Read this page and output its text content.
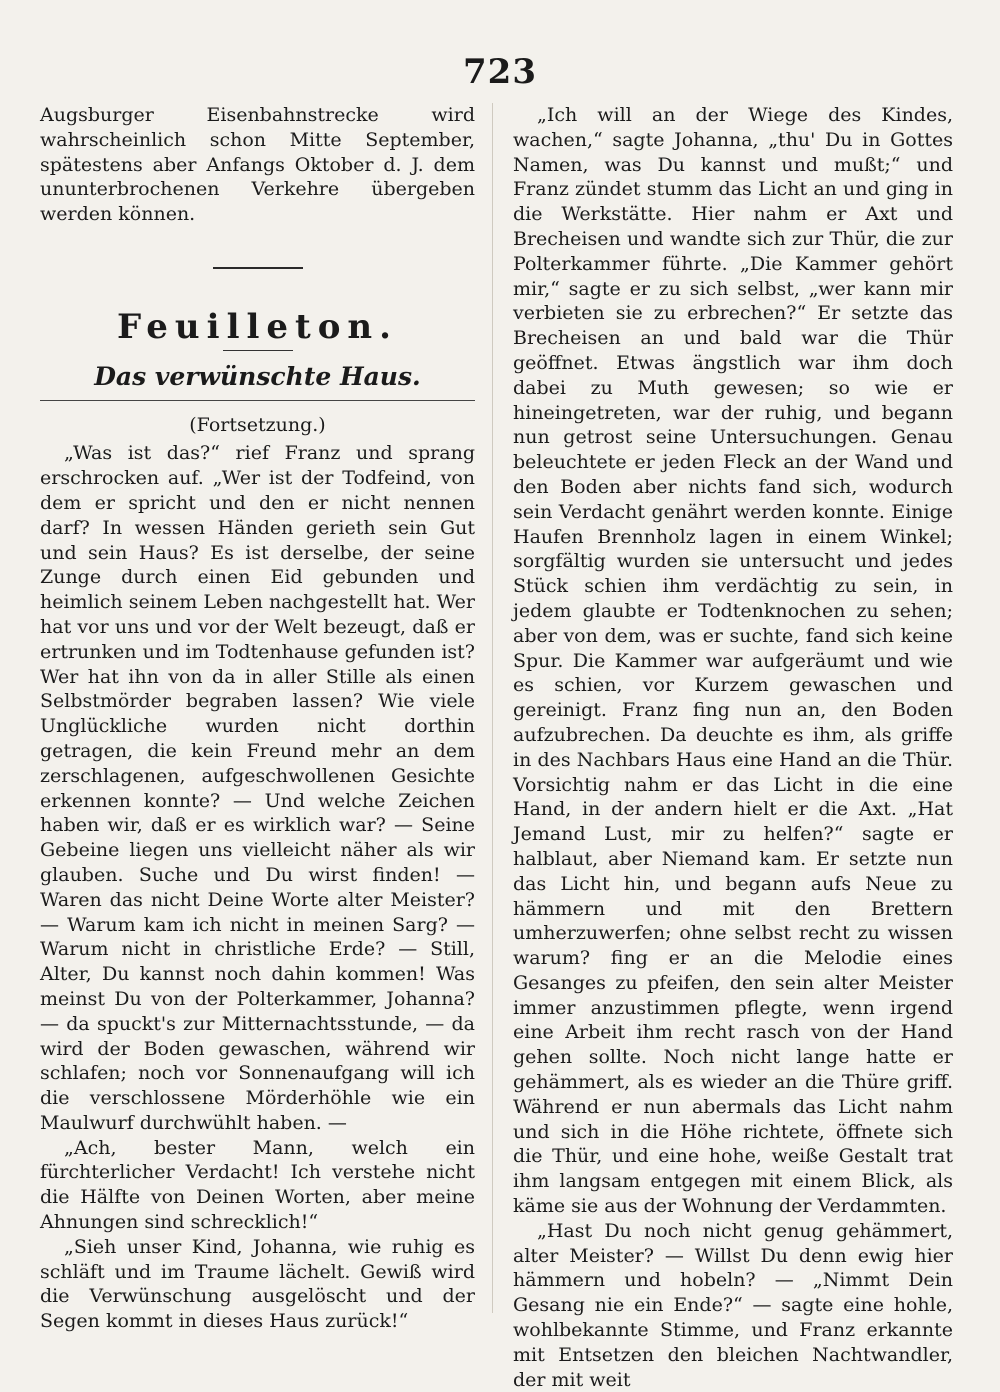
723

Augsburger Eisenbahnstrecke wird wahrscheinlich schon Mitte September, spätestens aber Anfangs Oktober d. J. dem ununterbrochenen Verkehre übergeben werden können.

Feuilleton.
Das verwünschte Haus.
(Fortsetzung.)

„Was ist das?“ rief Franz und sprang erschrocken auf. „Wer ist der Todfeind, von dem er spricht und den er nicht nennen darf? In wessen Händen gerieth sein Gut und sein Haus? Es ist derselbe, der seine Zunge durch einen Eid gebunden und heimlich seinem Leben nachgestellt hat. Wer hat vor uns und vor der Welt bezeugt, daß er ertrunken und im Todtenhause gefunden ist? Wer hat ihn von da in aller Stille als einen Selbstmörder begraben lassen? Wie viele Unglückliche wurden nicht dorthin getragen, die kein Freund mehr an dem zerschlagenen, aufgeschwollenen Gesichte erkennen konnte? — Und welche Zeichen haben wir, daß er es wirklich war? — Seine Gebeine liegen uns vielleicht näher als wir glauben. Suche und Du wirst finden! — Waren das nicht Deine Worte alter Meister? — Warum kam ich nicht in meinen Sarg? — Warum nicht in christliche Erde? — Still, Alter, Du kannst noch dahin kommen! Was meinst Du von der Polterkammer, Johanna? — da spuckt's zur Mitternachtsstunde, — da wird der Boden gewaschen, während wir schlafen; noch vor Sonnenaufgang will ich die verschlossene Mörderhöhle wie ein Maulwurf durchwühlt haben. —

„Ach, bester Mann, welch ein fürchterlicher Verdacht! Ich verstehe nicht die Hälfte von Deinen Worten, aber meine Ahnungen sind schrecklich!“

„Sieh unser Kind, Johanna, wie ruhig es schläft und im Traume lächelt. Gewiß wird die Verwünschung ausgelöscht und der Segen kommt in dieses Haus zurück!“

„Ich will an der Wiege des Kindes, wachen,“ sagte Johanna, „thu' Du in Gottes Namen, was Du kannst und mußt;“ und Franz zündet stumm das Licht an und ging in die Werkstätte. Hier nahm er Axt und Brecheisen und wandte sich zur Thür, die zur Polterkammer führte. „Die Kammer gehört mir,“ sagte er zu sich selbst, „wer kann mir verbieten sie zu erbrechen?“ Er setzte das Brecheisen an und bald war die Thür geöffnet. Etwas ängstlich war ihm doch dabei zu Muth gewesen; so wie er hineingetreten, war der ruhig, und begann nun getrost seine Untersuchungen. Genau beleuchtete er jeden Fleck an der Wand und den Boden aber nichts fand sich, wodurch sein Verdacht genährt werden konnte. Einige Haufen Brennholz lagen in einem Winkel; sorgfältig wurden sie untersucht und jedes Stück schien ihm verdächtig zu sein, in jedem glaubte er Todtenknochen zu sehen; aber von dem, was er suchte, fand sich keine Spur. Die Kammer war aufgeräumt und wie es schien, vor Kurzem gewaschen und gereinigt. Franz fing nun an, den Boden aufzubrechen. Da deuchte es ihm, als griffe in des Nachbars Haus eine Hand an die Thür. Vorsichtig nahm er das Licht in die eine Hand, in der andern hielt er die Axt. „Hat Jemand Lust, mir zu helfen?“ sagte er halblaut, aber Niemand kam. Er setzte nun das Licht hin, und begann aufs Neue zu hämmern und mit den Brettern umherzuwerfen; ohne selbst recht zu wissen warum? fing er an die Melodie eines Gesanges zu pfeifen, den sein alter Meister immer anzustimmen pflegte, wenn irgend eine Arbeit ihm recht rasch von der Hand gehen sollte. Noch nicht lange hatte er gehämmert, als es wieder an die Thüre griff. Während er nun abermals das Licht nahm und sich in die Höhe richtete, öffnete sich die Thür, und eine hohe, weiße Gestalt trat ihm langsam entgegen mit einem Blick, als käme sie aus der Wohnung der Verdammten.

„Hast Du noch nicht genug gehämmert, alter Meister? — Willst Du denn ewig hier hämmern und hobeln? — „Nimmt Dein Gesang nie ein Ende?“ — sagte eine hohle, wohlbekannte Stimme, und Franz erkannte mit Entsetzen den bleichen Nachtwandler, der mit weit
